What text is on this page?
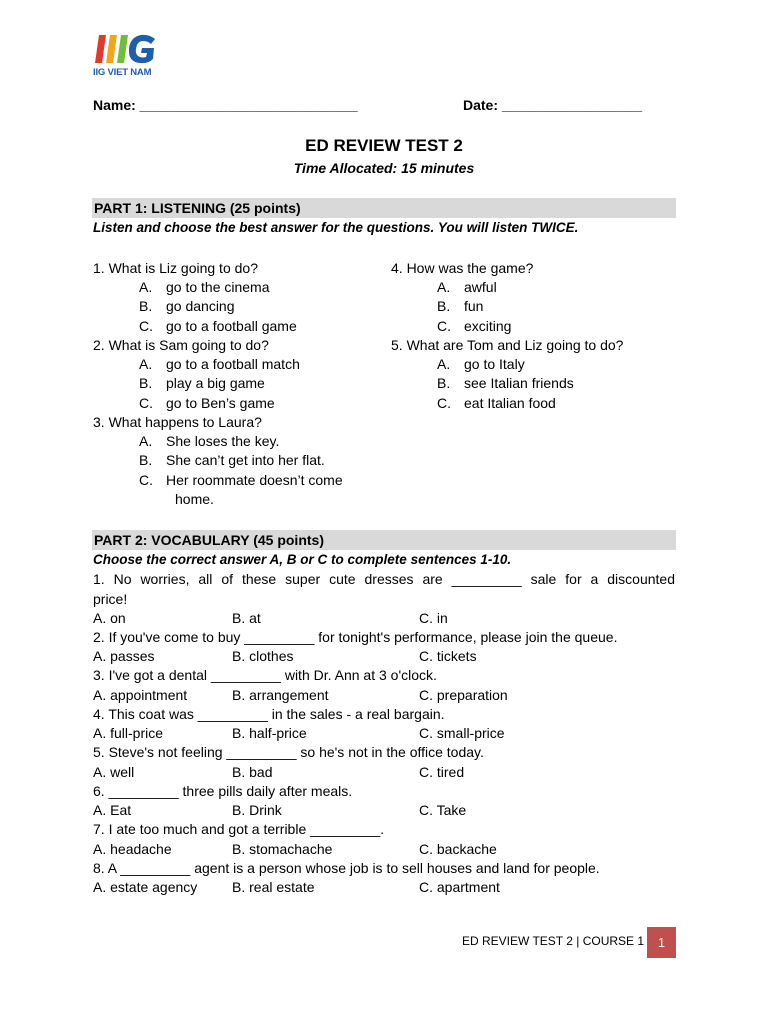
IIG VIET NAM
Name: ____________________________	Date: __________________
ED REVIEW TEST 2
Time Allocated: 15 minutes
PART 1: LISTENING (25 points)
Listen and choose the best answer for the questions. You will listen TWICE.
1. What is Liz going to do?
A. go to the cinema
B. go dancing
C. go to a football game
2. What is Sam going to do?
A. go to a football match
B. play a big game
C. go to Ben’s game
3. What happens to Laura?
A. She loses the key.
B. She can’t get into her flat.
C. Her roommate doesn’t come
home.
4. How was the game?
A. awful
B. fun
C. exciting
5. What are Tom and Liz going to do?
A. go to Italy
B. see Italian friends
C. eat Italian food
PART 2: VOCABULARY (45 points)
Choose the correct answer A, B or C to complete sentences 1-10.
1. No worries, all of these super cute dresses are _________ sale for a discounted
price!
A. on	B. at	C. in
2. If you've come to buy _________ for tonight's performance, please join the queue.
A. passes	B. clothes	C. tickets
3. I've got a dental _________ with Dr. Ann at 3 o'clock.
A. appointment	B. arrangement	C. preparation
4. This coat was _________ in the sales - a real bargain.
A. full-price	B. half-price	C. small-price
5. Steve's not feeling _________ so he's not in the office today.
A. well	B. bad	C. tired
6. _________ three pills daily after meals.
A. Eat	B. Drink	C. Take
7. I ate too much and got a terrible _________.
A. headache	B. stomachache	C. backache
8. A _________ agent is a person whose job is to sell houses and land for people.
A. estate agency B. real estate	C. apartment
ED REVIEW TEST 2 | COURSE 1	1
